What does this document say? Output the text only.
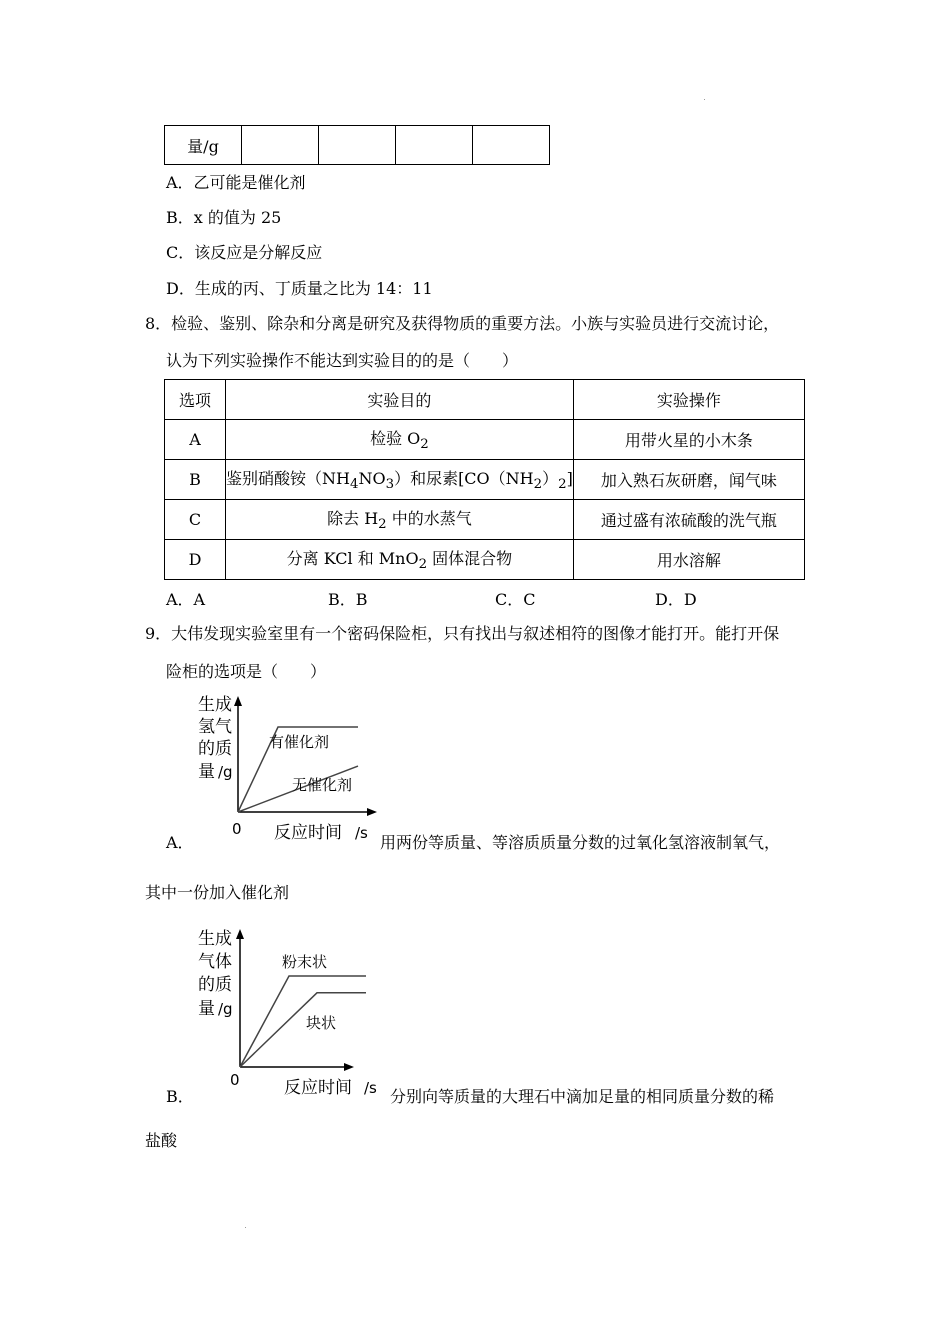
量/g				
A．乙可能是催化剂
B．x 的值为 25
C．该反应是分解反应
D．生成的丙、丁质量之比为 14：11
8．检验、鉴别、除杂和分离是研究及获得物质的重要方法。小族与实验员进行交流讨论，
认为下列实验操作不能达到实验目的的是（　　）
选项	实验目的	实验操作
A	检验 $O_2$	用带火星的小木条
B	鉴别硝酸铵$(NH_4NO_3)$和尿素$[CO(NH_2)_2]$	加入熟石灰研磨，闻气味
C	除去 $H_2$ 中的水蒸气	通过盛有浓硫酸的洗气瓶
D	分离 KCl 和 MnO$_2$ 固体混合物	用水溶解
A．A	B．B	C．C	D．D
9．大伟发现实验室里有一个密码保险柜，只有找出与叙述相符的图像才能打开。能打开保
险柜的选项是（　　）
生成
氢气
的质
量 /g
0 反应时间 /s
有催化剂
无催化剂
A．	用两份等质量、等溶质质量分数的过氧化氢溶液制氧气，
其中一份加入催化剂
生成
气体
的质
量 /g
0	反应时间 /s
粉末状
块状
B．	分别向等质量的大理石中滴加足量的相同质量分数的稀
盐酸
